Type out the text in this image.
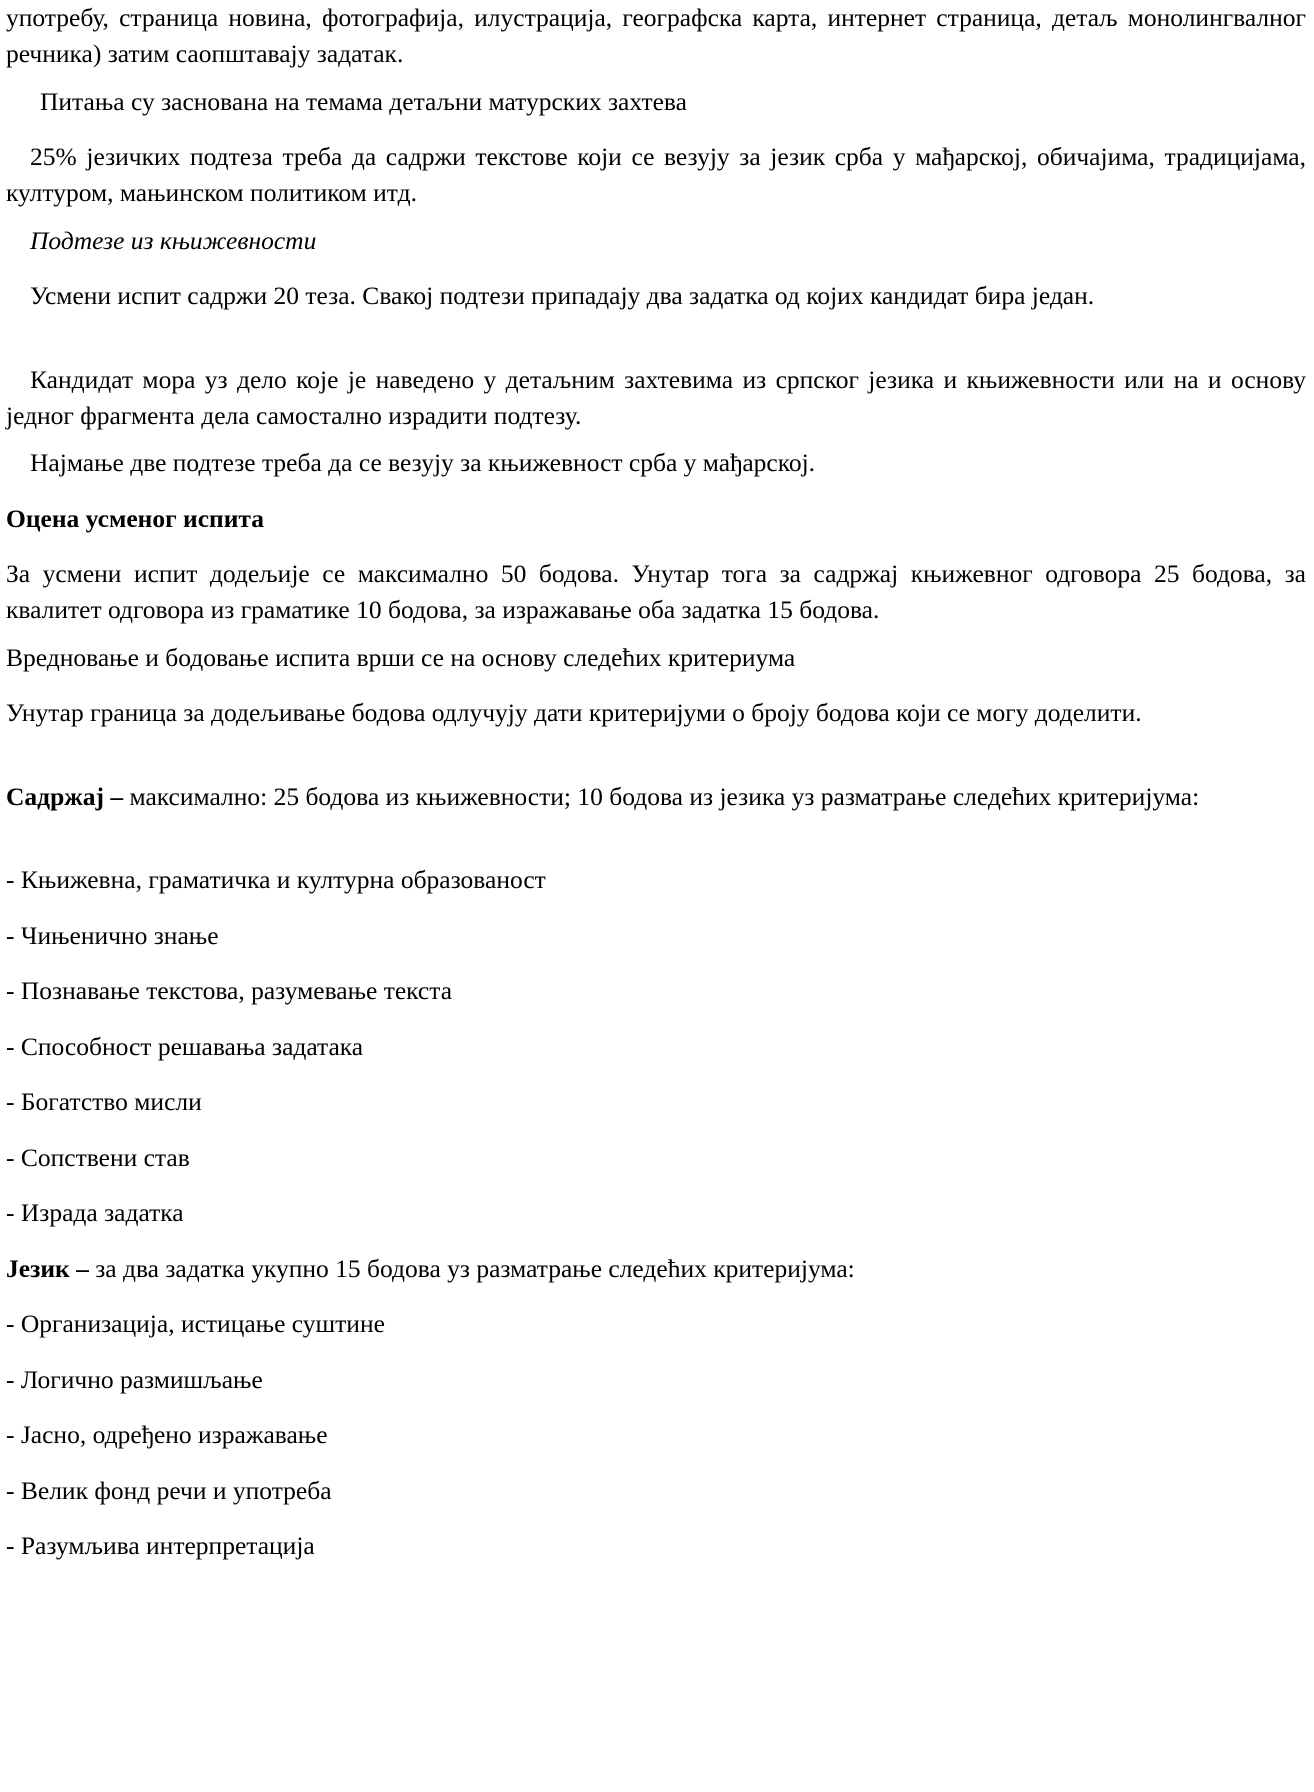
употребу, страница новина, фотографија, илустрација, географска карта, интернет страница, детаљ монолингвалног речника) затим саопштавају задатак.

Питања су заснована на темама детаљни матурских захтева

25% језичких подтеза треба да садржи текстове који се везују за језик срба у мађарској, обичајима, традицијама, културом, мањинском политиком итд.

Подтезе из књижевности

Усмени испит садржи 20 теза. Свакој подтези припадају два задатка од којих кандидат бира један.

Кандидат мора уз дело које је наведено у детаљним захтевима из српског језика и књижевности или на и основу једног фрагмента дела самостално израдити подтезу.

Најмање две подтезе треба да се везују за књижевност срба у мађарској.

Оцена усменог испита

За усмени испит додељије се максимално 50 бодова. Унутар тога за садржај књижевног одговора 25 бодова, за квалитет одговора из граматике 10 бодова, за изражавање оба задатка 15 бодова.

Вредновање и бодовање испита врши се на основу следећих критериума

Унутар граница за додељивање бодова одлучују дати критеријуми о броју бодова који се могу доделити.

Садржај – максимално: 25 бодова из књижевности; 10 бодова из језика уз разматрање следећих критеријума:

- Књижевна, граматичка и културна образованост

- Чињенично знање

- Познавање текстова, разумевање текста

- Способност решавања задатака

- Богатство мисли

- Сопствени став

- Израда задатка

Језик – за два задатка укупно 15 бодова уз разматрање следећих критеријума:

- Организација, истицање суштине

- Логично размишљање

- Јасно, одређено изражавање

- Велик фонд речи и употреба

- Разумљива интерпретација
